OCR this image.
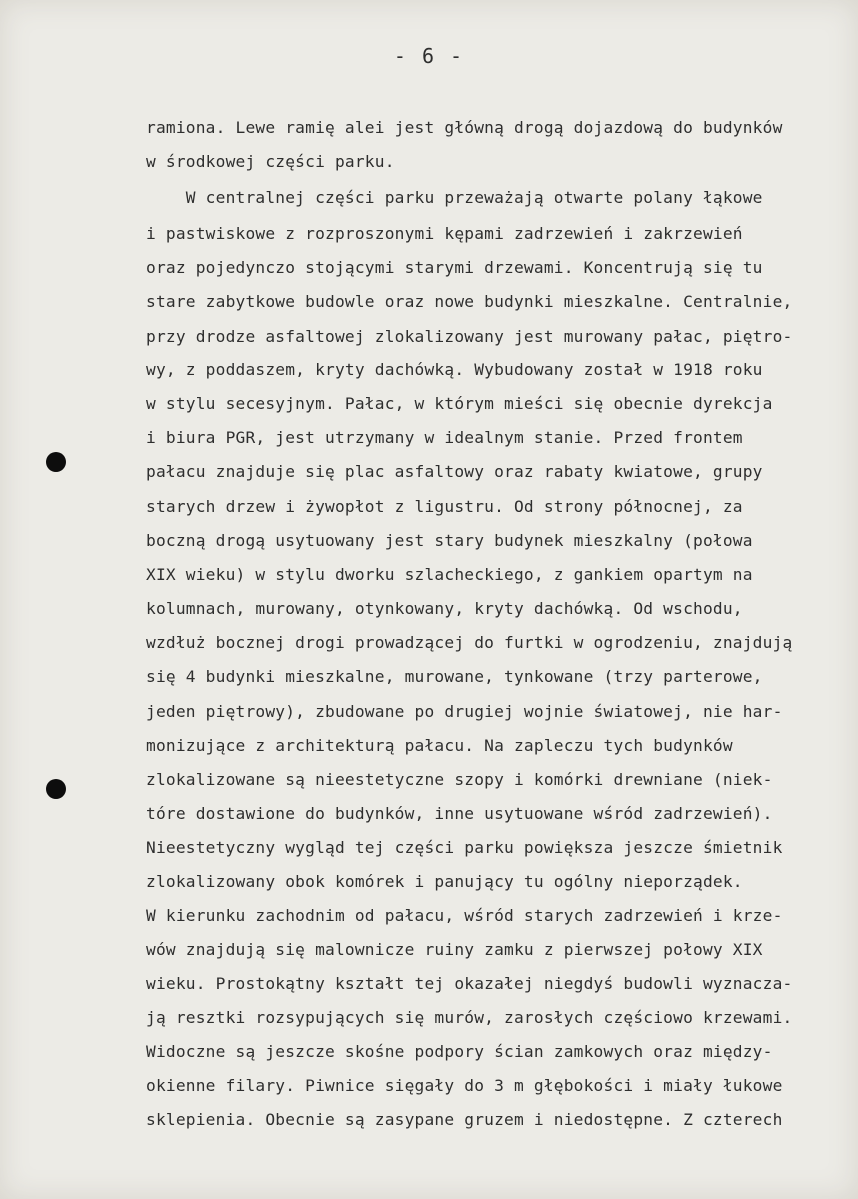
- 6 -
ramiona. Lewe ramię alei jest główną drogą dojazdową do budynków
w środkowej części parku.
W centralnej części parku przeważają otwarte polany łąkowe
i pastwiskowe z rozproszonymi kępami zadrzewień i zakrzewień
oraz pojedynczo stojącymi starymi drzewami. Koncentrują się tu
stare zabytkowe budowle oraz nowe budynki mieszkalne. Centralnie,
przy drodze asfaltowej zlokalizowany jest murowany pałac, piętro-
wy, z poddaszem, kryty dachówką. Wybudowany został w 1918 roku
w stylu secesyjnym. Pałac, w którym mieści się obecnie dyrekcja
i biura PGR, jest utrzymany w idealnym stanie. Przed frontem
pałacu znajduje się plac asfaltowy oraz rabaty kwiatowe, grupy
starych drzew i żywopłot z ligustru. Od strony północnej, za
boczną drogą usytuowany jest stary budynek mieszkalny (połowa
XIX wieku) w stylu dworku szlacheckiego, z gankiem opartym na
kolumnach, murowany, otynkowany, kryty dachówką. Od wschodu,
wzdłuż bocznej drogi prowadzącej do furtki w ogrodzeniu, znajdują
się 4 budynki mieszkalne, murowane, tynkowane (trzy parterowe,
jeden piętrowy), zbudowane po drugiej wojnie światowej, nie har-
monizujące z architekturą pałacu. Na zapleczu tych budynków
zlokalizowane są nieestetyczne szopy i komórki drewniane (niek-
tóre dostawione do budynków, inne usytuowane wśród zadrzewień).
Nieestetyczny wygląd tej części parku powiększa jeszcze śmietnik
zlokalizowany obok komórek i panujący tu ogólny nieporządek.
W kierunku zachodnim od pałacu, wśród starych zadrzewień i krze-
wów znajdują się malownicze ruiny zamku z pierwszej połowy XIX
wieku. Prostokątny kształt tej okazałej niegdyś budowli wyznacza-
ją resztki rozsypujących się murów, zarosłych częściowo krzewami.
Widoczne są jeszcze skośne podpory ścian zamkowych oraz między-
okienne filary. Piwnice sięgały do 3 m głębokości i miały łukowe
sklepienia. Obecnie są zasypane gruzem i niedostępne. Z czterech
